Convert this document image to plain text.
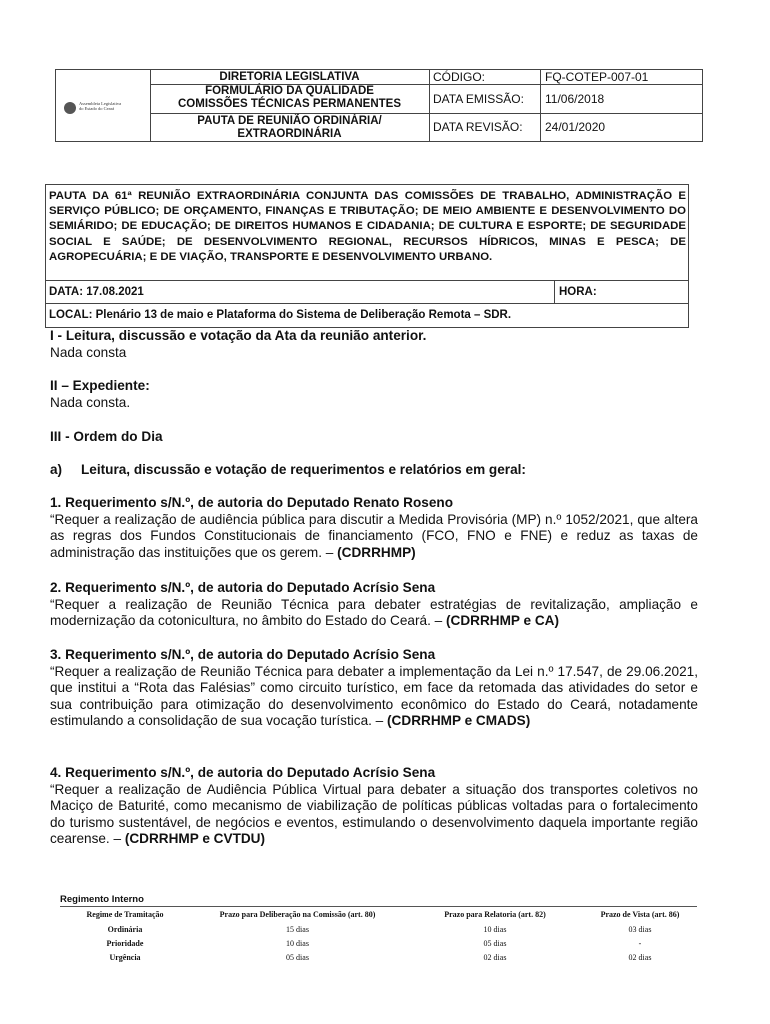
Assembleia Legislativa
do Estado do Ceará
DIRETORIA LEGISLATIVA
FORMULÁRIO DA QUALIDADE
COMISSÕES TÉCNICAS PERMANENTES
PAUTA DE REUNIÃO ORDINÁRIA/
EXTRAORDINÁRIA
CÓDIGO:	FQ-COTEP-007-01
DATA EMISSÃO:	11/06/2018
DATA REVISÃO:	24/01/2020
PAUTA DA 61ª REUNIÃO EXTRAORDINÁRIA CONJUNTA DAS COMISSÕES DE TRABALHO, ADMINISTRAÇÃO E SERVIÇO PÚBLICO; DE ORÇAMENTO, FINANÇAS E TRIBUTAÇÃO; DE MEIO AMBIENTE E DESENVOLVIMENTO DO SEMIÁRIDO; DE EDUCAÇÃO; DE DIREITOS HUMANOS E CIDADANIA; DE CULTURA E ESPORTE; DE SEGURIDADE SOCIAL E SAÚDE; DE DESENVOLVIMENTO REGIONAL, RECURSOS HÍDRICOS, MINAS E PESCA; DE AGROPECUÁRIA; E DE VIAÇÃO, TRANSPORTE E DESENVOLVIMENTO URBANO.
DATA: 17.08.2021	HORA:
LOCAL: Plenário 13 de maio e Plataforma do Sistema de Deliberação Remota – SDR.
I - Leitura, discussão e votação da Ata da reunião anterior.
Nada consta
II – Expediente:
Nada consta.
III - Ordem do Dia
a)     Leitura, discussão e votação de requerimentos e relatórios em geral:
1. Requerimento s/N.º, de autoria do Deputado Renato Roseno
“Requer a realização de audiência pública para discutir a Medida Provisória (MP) n.º 1052/2021, que altera as regras dos Fundos Constitucionais de financiamento (FCO, FNO e FNE) e reduz as taxas de administração das instituições que os gerem. – (CDRRHMP)
2. Requerimento s/N.º, de autoria do Deputado Acrísio Sena
“Requer a realização de Reunião Técnica para debater estratégias de revitalização, ampliação e modernização da cotonicultura, no âmbito do Estado do Ceará. – (CDRRHMP e CA)
3. Requerimento s/N.º, de autoria do Deputado Acrísio Sena
“Requer a realização de Reunião Técnica para debater a implementação da Lei n.º 17.547, de 29.06.2021, que institui a “Rota das Falésias” como circuito turístico, em face da retomada das atividades do setor e sua contribuição para otimização do desenvolvimento econômico do Estado do Ceará, notadamente estimulando a consolidação de sua vocação turística. – (CDRRHMP e CMADS)
4. Requerimento s/N.º, de autoria do Deputado Acrísio Sena
“Requer a realização de Audiência Pública Virtual para debater a situação dos transportes coletivos no Maciço de Baturité, como mecanismo de viabilização de políticas públicas voltadas para o fortalecimento do turismo sustentável, de negócios e eventos, estimulando o desenvolvimento daquela importante região cearense. – (CDRRHMP e CVTDU)
Regimento Interno
Regime de Tramitação	Prazo para Deliberação na Comissão (art. 80)	Prazo para Relatoria (art. 82)	Prazo de Vista (art. 86)
Ordinária	15 dias	10 dias	03 dias
Prioridade	10 dias	05 dias	-
Urgência	05 dias	02 dias	02 dias
